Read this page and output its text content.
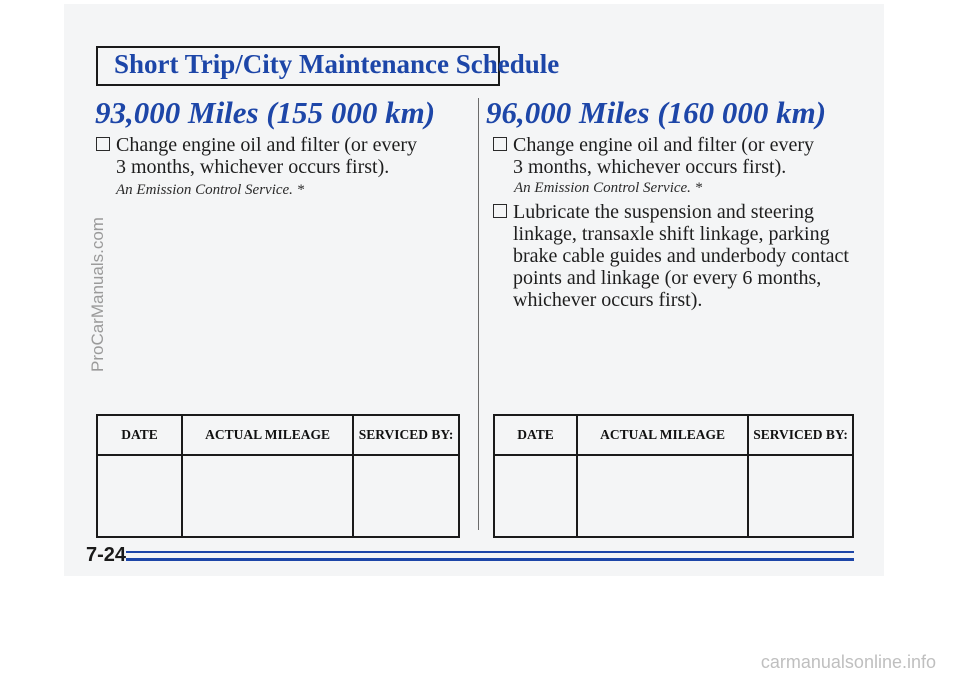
Short Trip/City Maintenance Schedule
93,000 Miles (155 000 km)
Change engine oil and filter (or every
3 months, whichever occurs first).
An Emission Control Service. *
96,000 Miles (160 000 km)
Change engine oil and filter (or every
3 months, whichever occurs first).
An Emission Control Service. *
Lubricate the suspension and steering
linkage, transaxle shift linkage, parking
brake cable guides and underbody contact
points and linkage (or every 6 months,
whichever occurs first).
DATE	ACTUAL MILEAGE	SERVICED BY:
			DATE	ACTUAL MILEAGE	SERVICED BY:

7-24
ProCarManuals.com
carmanualsonline.info
